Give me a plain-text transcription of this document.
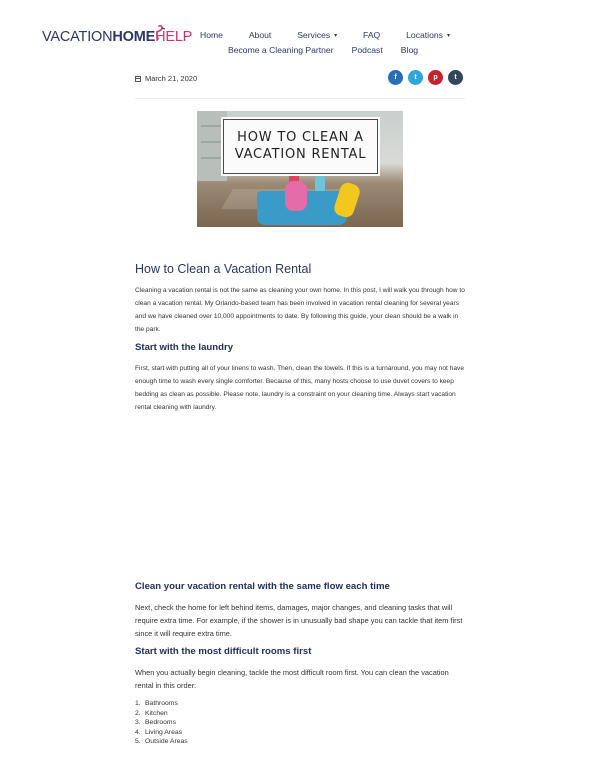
VACATIONHOMEHELP Home	About	Services ▾	FAQ	Locations ▾
Become a Cleaning Partner Podcast Blog
March 21, 2020	f	t p t
HOW TO CLEAN A
VACATION RENTAL
How to Clean a Vacation Rental

Cleaning a vacation rental is not the same as cleaning your own home. In this post, I will walk you through how to clean a vacation rental. My Orlando-based team has been involved in vacation rental cleaning for several years and we have cleaned over 10,000 appointments to date. By following this guide, your clean should be a walk in the park.

Start with the laundry

First, start with putting all of your linens to wash. Then, clean the towels. If this is a turnaround, you may not have enough time to wash every single comforter. Because of this, many hosts choose to use duvet covers to keep bedding as clean as possible. Please note, laundry is a constraint on your cleaning time. Always start vacation rental cleaning with laundry.

Clean your vacation rental with the same flow each time

Next, check the home for left behind items, damages, major changes, and cleaning tasks that will require extra time. For example, if the shower is in unusually bad shape you can tackle that item first since it will require extra time.

Start with the most difficult rooms first

When you actually begin cleaning, tackle the most difficult room first. You can clean the vacation rental in this order:

1. Bathrooms
2. Kitchen
3. Bedrooms
4. Living Areas
5. Outside Areas
